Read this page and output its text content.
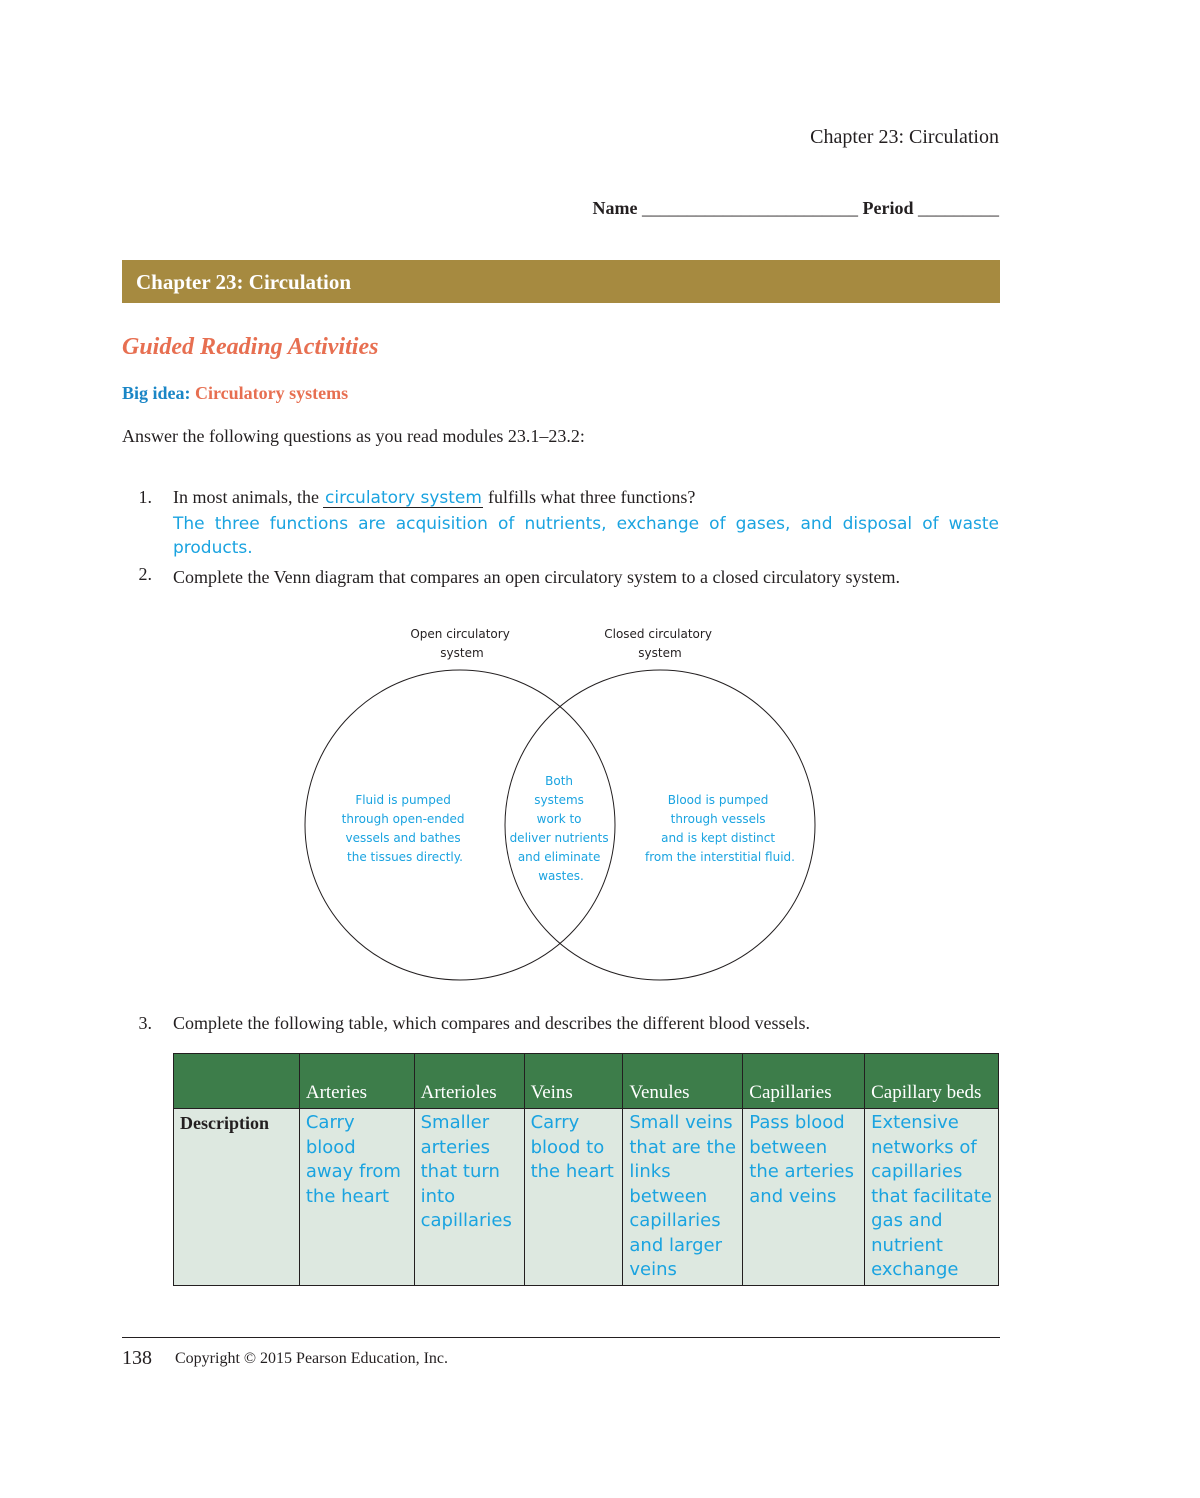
Chapter 23: Circulation
Name ________________________ Period _________
Chapter 23: Circulation
Guided Reading Activities
Big idea: Circulatory systems
Answer the following questions as you read modules 23.1–23.2:
1. In most animals, the circulatory system fulfills what three functions?
The three functions are acquisition of nutrients, exchange of gases, and disposal of waste products.
2. Complete the Venn diagram that compares an open circulatory system to a closed circulatory system.
Open circulatory system
Closed circulatory system
Fluid is pumped through open-ended vessels and bathes the tissues directly.
Both systems work to deliver nutrients and eliminate wastes.
Blood is pumped through vessels and is kept distinct from the interstitial fluid.
3. Complete the following table, which compares and describes the different blood vessels.
	Arteries	Arterioles	Veins	Venules	Capillaries	Capillary beds
Description	Carry blood away from the heart	Smaller arteries that turn into capillaries	Carry blood to the heart	Small veins that are the links between capillaries and larger veins	Pass blood between the arteries and veins	Extensive networks of capillaries that facilitate gas and nutrient exchange
138 Copyright © 2015 Pearson Education, Inc.
